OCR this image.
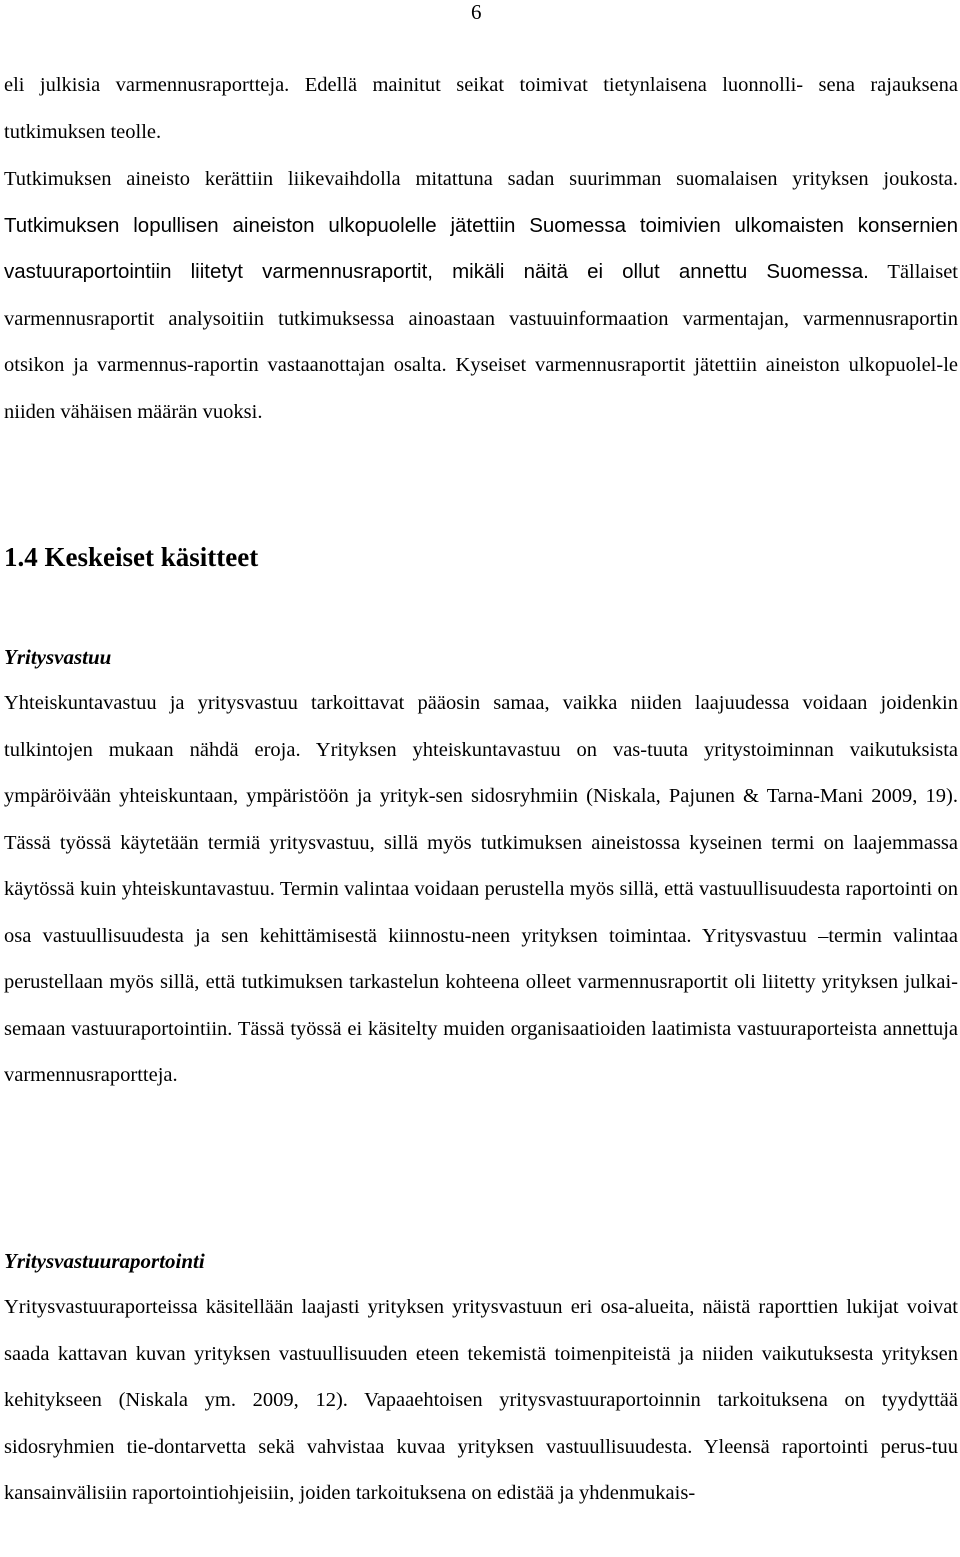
6

eli julkisia varmennusraportteja. Edellä mainitut seikat toimivat tietynlaisena luonnolli- sena rajauksena tutkimuksen teolle.

Tutkimuksen aineisto kerättiin liikevaihdolla mitattuna sadan suurimman suomalaisen yrityksen joukosta. Tutkimuksen lopullisen aineiston ulkopuolelle jätettiin Suomessa toimivien ulkomaisten konsernien vastuuraportointiin liitetyt varmennusraportit, mikäli näitä ei ollut annettu Suomessa. Tällaiset varmennusraportit analysoitiin tutkimuksessa ainoastaan vastuuinformaation varmentajan, varmennusraportin otsikon ja varmennus-raportin vastaanottajan osalta. Kyseiset varmennusraportit jätettiin aineiston ulkopuolel-le niiden vähäisen määrän vuoksi.

1.4 Keskeiset käsitteet
Yritysvastuu

Yhteiskuntavastuu ja yritysvastuu tarkoittavat pääosin samaa, vaikka niiden laajuudessa voidaan joidenkin tulkintojen mukaan nähdä eroja. Yrityksen yhteiskuntavastuu on vas-tuuta yritystoiminnan vaikutuksista ympäröivään yhteiskuntaan, ympäristöön ja yrityk-sen sidosryhmiin (Niskala, Pajunen & Tarna-Mani 2009, 19). Tässä työssä käytetään termiä yritysvastuu, sillä myös tutkimuksen aineistossa kyseinen termi on laajemmassa käytössä kuin yhteiskuntavastuu. Termin valintaa voidaan perustella myös sillä, että vastuullisuudesta raportointi on osa vastuullisuudesta ja sen kehittämisestä kiinnostu-neen yrityksen toimintaa. Yritysvastuu –termin valintaa perustellaan myös sillä, että tutkimuksen tarkastelun kohteena olleet varmennusraportit oli liitetty yrityksen julkai-semaan vastuuraportointiin. Tässä työssä ei käsitelty muiden organisaatioiden laatimista vastuuraporteista annettuja varmennusraportteja.

Yritysvastuuraportointi

Yritysvastuuraporteissa käsitellään laajasti yrityksen yritysvastuun eri osa-alueita, näistä raporttien lukijat voivat saada kattavan kuvan yrityksen vastuullisuuden eteen tekemistä toimenpiteistä ja niiden vaikutuksesta yrityksen kehitykseen (Niskala ym. 2009, 12). Vapaaehtoisen yritysvastuuraportoinnin tarkoituksena on tyydyttää sidosryhmien tie-dontarvetta sekä vahvistaa kuvaa yrityksen vastuullisuudesta. Yleensä raportointi perus-tuu kansainvälisiin raportointiohjeisiin, joiden tarkoituksena on edistää ja yhdenmukais-
